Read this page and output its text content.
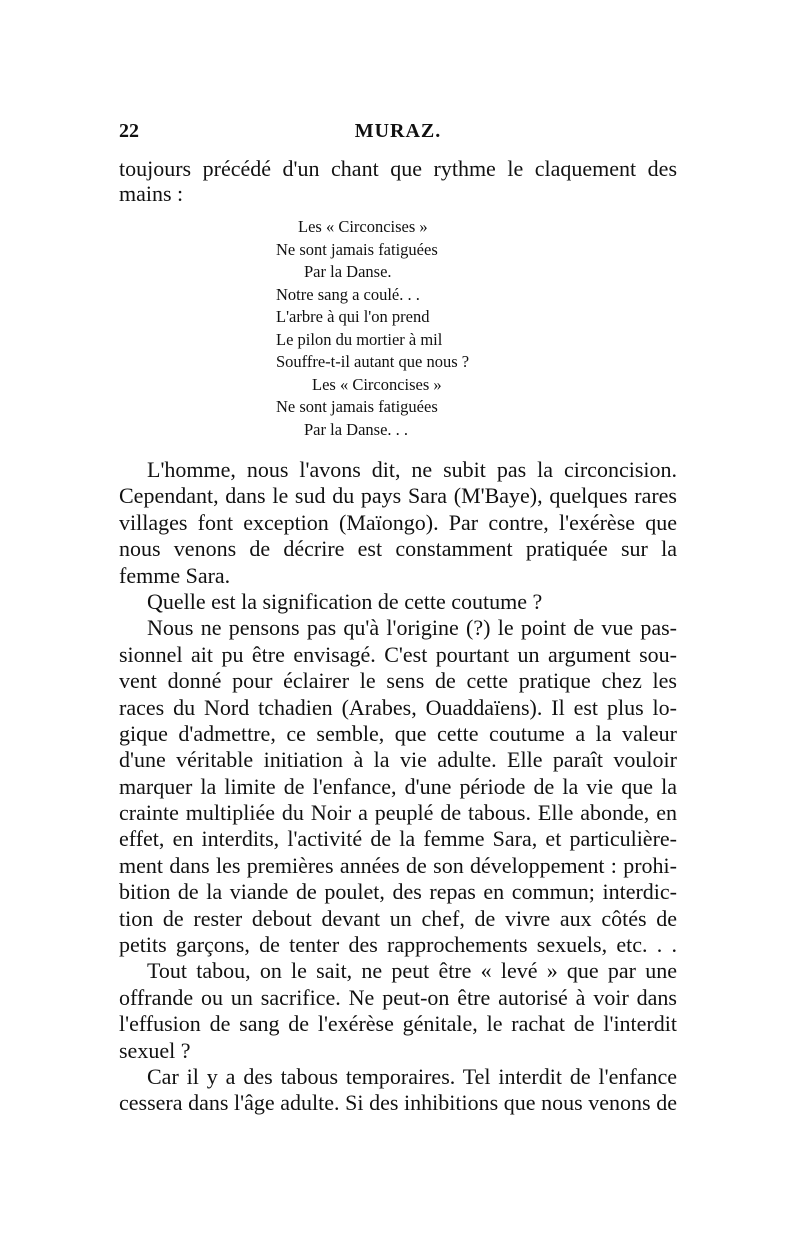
22	MURAZ.
toujours précédé d'un chant que rythme le claquement des
mains :
Les « Circoncises »
Ne sont jamais fatiguées
Par la Danse.
Notre sang a coulé. . .
L'arbre à qui l'on prend
Le pilon du mortier à mil
Souffre-t-il autant que nous ?
Les « Circoncises »
Ne sont jamais fatiguées
Par la Danse. . .
L'homme, nous l'avons dit, ne subit pas la circoncision.
Cependant, dans le sud du pays Sara (M'Baye), quelques rares
villages font exception (Maïongo). Par contre, l'exérèse que
nous venons de décrire est constamment pratiquée sur la
femme Sara.
Quelle est la signification de cette coutume ?
Nous ne pensons pas qu'à l'origine (?) le point de vue pas-
sionnel ait pu être envisagé. C'est pourtant un argument sou-
vent donné pour éclairer le sens de cette pratique chez les
races du Nord tchadien (Arabes, Ouaddaïens). Il est plus lo-
gique d'admettre, ce semble, que cette coutume a la valeur
d'une véritable initiation à la vie adulte. Elle paraît vouloir
marquer la limite de l'enfance, d'une période de la vie que la
crainte multipliée du Noir a peuplé de tabous. Elle abonde, en
effet, en interdits, l'activité de la femme Sara, et particulière-
ment dans les premières années de son développement : prohi-
bition de la viande de poulet, des repas en commun; interdic-
tion de rester debout devant un chef, de vivre aux côtés de
petits garçons, de tenter des rapprochements sexuels, etc. . .
Tout tabou, on le sait, ne peut être « levé » que par une
offrande ou un sacrifice. Ne peut-on être autorisé à voir dans
l'effusion de sang de l'exérèse génitale, le rachat de l'interdit
sexuel ?
Car il y a des tabous temporaires. Tel interdit de l'enfance
cessera dans l'âge adulte. Si des inhibitions que nous venons de
